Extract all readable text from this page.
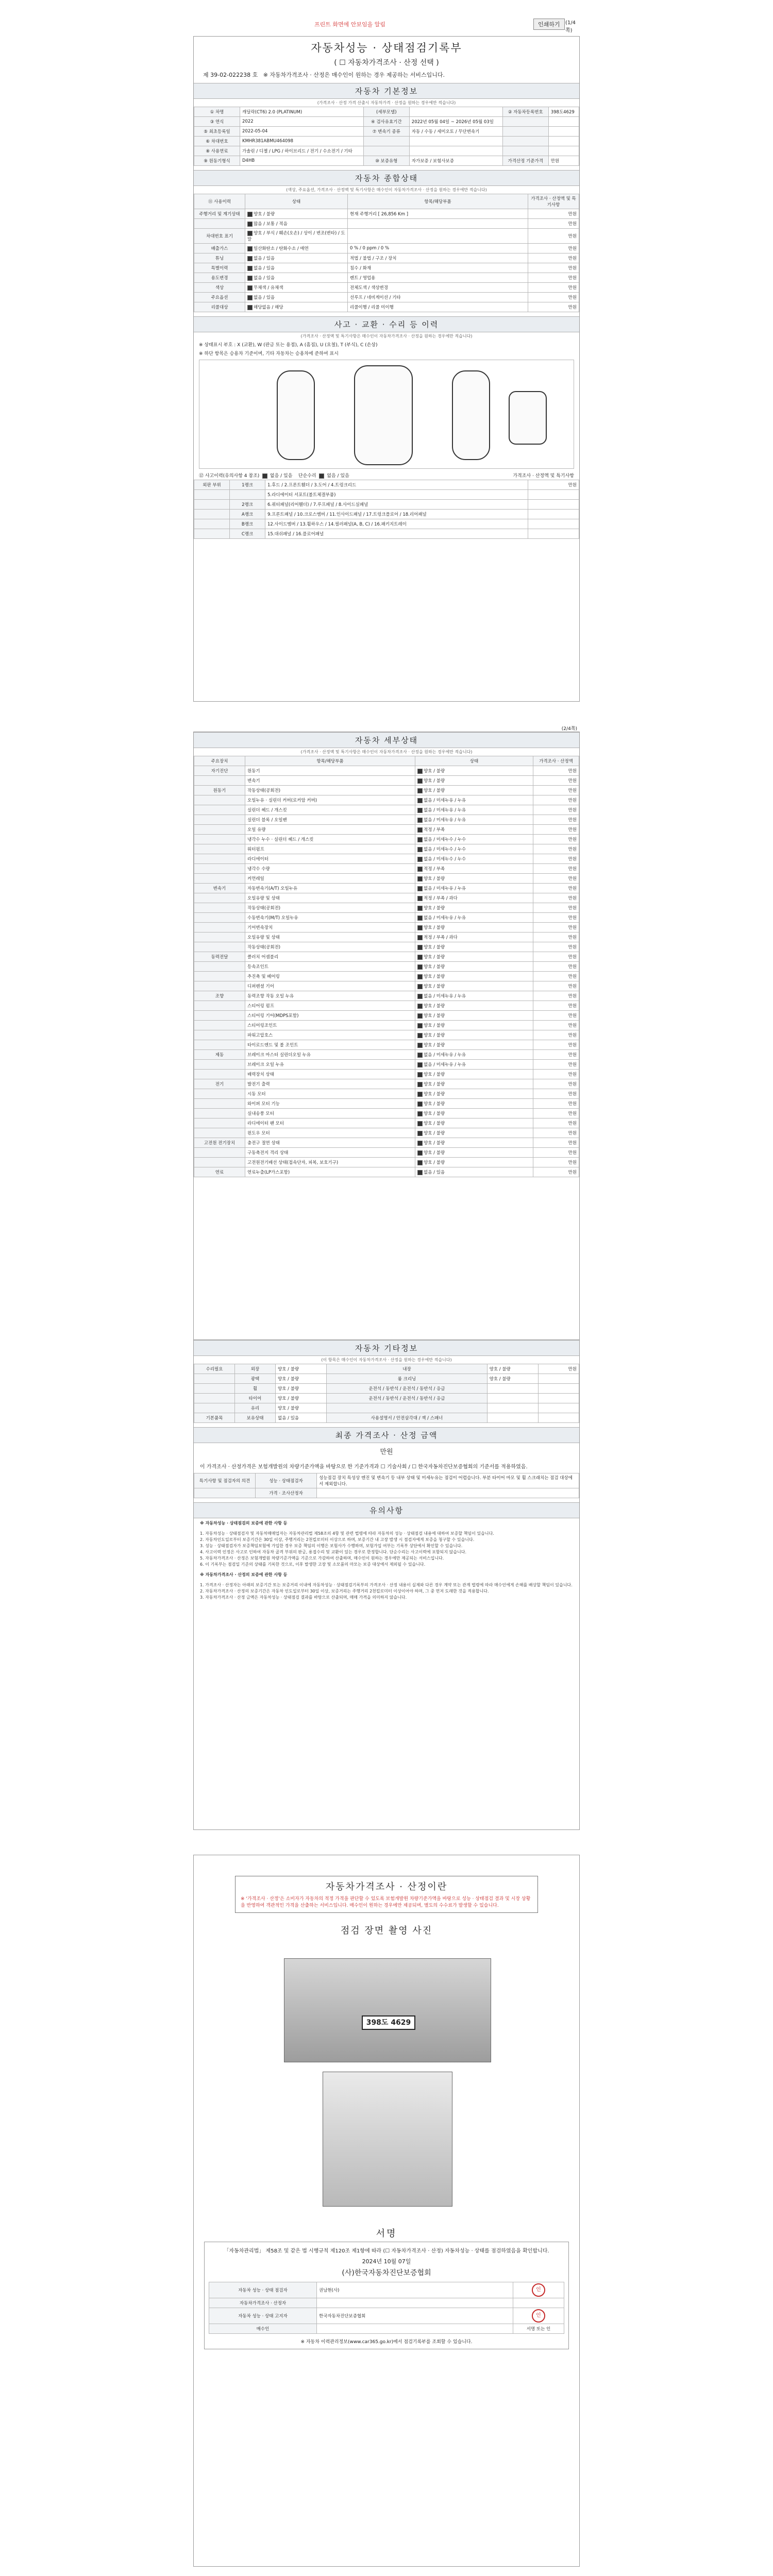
프린트 화면에 안보임을 알림	인쇄하기	(1/4쪽)
자동차성능 · 상태점검기록부
( ☐ 자동차가격조사 · 산정 선택 )
제 39-02-022238 호 ※ 자동차가격조사 · 산정은 매수인이 원하는 경우 제공하는 서비스입니다.
자동차 기본정보
(가격조사 · 산정 가격 산출시 자동차가격 · 산정을 원하는 경우에만 적습니다)
① 차명	캐딜락(CT6) 2.0 (PLATINUM)	(세부모델)		② 자동차등록번호	398도4629
③ 연식	2022	④ 검사유효기간	2022년 05월 04일 ~ 2026년 05월 03일		
⑤ 최초등록일	2022-05-04	⑦ 변속기 종류	자동 / 수동 / 세미오토 / 무단변속기		
⑥ 차대번호	KMHR381ABMU464098				
⑧ 사용연료	가솔린 / 디젤 / LPG / 하이브리드 / 전기 / 수소전기 / 기타				
⑨ 원동기형식	D4HB	⑩ 보증유형	자가보증 / 보험사보증	가격산정 기준가격	만원
자동차 종합상태
(색상, 주요옵션, 가격조사 · 산정액 및 특기사항은 매수인이 자동차가격조사 · 산정을 원하는 경우에만 적습니다)
⑪ 사용이력	상태	항목/해당부품	가격조사 · 산정액 및 특기사항
주행거리 및 계기상태	양호 / 불량	현재 주행거리 [ 26,856 Km ]	만원
	많음 / 보통 / 적음		만원
차대번호 표기	양호 / 부식 / 훼손(오손) / 상이 / 변조(변타) / 도말		만원
배출가스	일산화탄소 / 탄화수소 / 매연	0 % / 0 ppm / 0 %	만원
튜닝	없음 / 있음	적법 / 불법 / 구조 / 장치	만원
특별이력	없음 / 있음	침수 / 화재	만원
용도변경	없음 / 있음	렌트 / 영업용	만원
색상	무채색 / 유채색	전체도색 / 색상변경	만원
주요옵션	없음 / 있음	선루프 / 네비게이션 / 기타	만원
리콜대상	해당없음 / 해당	리콜이행 / 리콜 미이행	만원
사고 · 교환 · 수리 등 이력
(가격조사 · 산정액 및 특기사항은 매수인이 자동차가격조사 · 산정을 원하는 경우에만 적습니다)
※ 상태표시 부호 : X (교환), W (판금 또는 용접), A (흠집), U (요철), T (부식), C (손상)
※ 하단 항목은 승용차 기준이며, 기타 자동차는 승용차에 준하여 표시
⑫ 사고이력(유의사항 4 참조) 없음 / 있음 단순수리 없음 / 있음	가격조사 · 산정액 및 특기사항
외판 부위	1랭크	1.후드 / 2.프론트휀더 / 3.도어 / 4.트렁크리드	만원
		5.라디에이터 서포트(볼트체결부품)	
	2랭크	6.쿼터패널(리어휀더) / 7.루프패널 / 8.사이드실패널	
	A랭크	9.프론트패널 / 10.크로스멤버 / 11.인사이드패널 / 17.트렁크플로어 / 18.리어패널	
	B랭크	12.사이드멤버 / 13.휠하우스 / 14.필러패널(A, B, C) / 16.패키지트레이	
	C랭크	15.대쉬패널 / 16.플로어패널	
(2/4쪽)
자동차 세부상태
(가격조사 · 산정액 및 특기사항은 매수인이 자동차가격조사 · 산정을 원하는 경우에만 적습니다)
주요장치	항목/해당부품	상태	가격조사 · 산정액
자기진단	원동기	양호 / 불량	만원
	변속기	양호 / 불량	만원
원동기	작동상태(공회전)	양호 / 불량	만원
	오일누유 · 실린더 커버(로커암 커버)	없음 / 미세누유 / 누유	만원
	실린더 헤드 / 개스킷	없음 / 미세누유 / 누유	만원
	실린더 블록 / 오일팬	없음 / 미세누유 / 누유	만원
	오일 유량	적정 / 부족	만원
	냉각수 누수 · 실린더 헤드 / 개스킷	없음 / 미세누수 / 누수	만원
	워터펌프	없음 / 미세누수 / 누수	만원
	라디에이터	없음 / 미세누수 / 누수	만원
	냉각수 수량	적정 / 부족	만원
	커먼레일	양호 / 불량	만원
변속기	자동변속기(A/T) 오일누유	없음 / 미세누유 / 누유	만원
	오일유량 및 상태	적정 / 부족 / 과다	만원
	작동상태(공회전)	양호 / 불량	만원
	수동변속기(M/T) 오일누유	없음 / 미세누유 / 누유	만원
	기어변속장치	양호 / 불량	만원
	오일유량 및 상태	적정 / 부족 / 과다	만원
	작동상태(공회전)	양호 / 불량	만원
동력전달	클러치 어셈블리	양호 / 불량	만원
	등속조인트	양호 / 불량	만원
	추진축 및 베어링	양호 / 불량	만원
	디퍼렌셜 기어	양호 / 불량	만원
조향	동력조향 작동 오일 누유	없음 / 미세누유 / 누유	만원
	스티어링 펌프	양호 / 불량	만원
	스티어링 기어(MDPS포함)	양호 / 불량	만원
	스티어링조인트	양호 / 불량	만원
	파워고압호스	양호 / 불량	만원
	타이로드엔드 및 볼 조인트	양호 / 불량	만원
제동	브레이크 마스터 실린더오일 누유	없음 / 미세누유 / 누유	만원
	브레이크 오일 누유	없음 / 미세누유 / 누유	만원
	배력장치 상태	양호 / 불량	만원
전기	발전기 출력	양호 / 불량	만원
	시동 모터	양호 / 불량	만원
	와이퍼 모터 기능	양호 / 불량	만원
	실내송풍 모터	양호 / 불량	만원
	라디에이터 팬 모터	양호 / 불량	만원
	윈도우 모터	양호 / 불량	만원
고전원 전기장치	충전구 절연 상태	양호 / 불량	만원
	구동축전지 격리 상태	양호 / 불량	만원
	고전원전기배선 상태(접속단자, 피복, 보호기구)	양호 / 불량	만원
연료	연료누출(LP가스포함)	없음 / 있음	만원
자동차 기타정보
(이 항목은 매수인이 자동차가격조사 · 산정을 원하는 경우에만 적습니다)
수리필요	외장	양호 / 불량	내장	양호 / 불량	만원
	광택	양호 / 불량	룸 크리닝	양호 / 불량	
	휠	양호 / 불량	운전석 / 동반석 / 운전석 / 동반석 / 응급		
	타이어	양호 / 불량	운전석 / 동반석 / 운전석 / 동반석 / 응급		
	유리	양호 / 불량			
기본품목	보유상태	없음 / 있음	사용설명서 / 안전삼각대 / 잭 / 스패너		
최종 가격조사 · 산정 금액
만원
이 가격조사 · 산정가격은 보험개발원의 차량기준가액을 바탕으로 한 기준가격과 ☐ 기술사회 / ☐ 한국자동차진단보증협회의 기준서를 적용하였음.
특기사항 및 점검자의 의견	성능 · 상태점검자	성능점검 장치 특성상 엔진 및 변속기 등 내부 상태 및 미세누유는 점검이 어렵습니다. 부분 타이어 마모 및 휠 스크래치는 점검 대상에서 제외합니다.
	가격 · 조사산정자	
유의사항
※ 자동차성능 · 상태점검의 보증에 관한 사항 등
1. 자동차성능 · 상태점검자 및 자동차매매업자는 자동차관리법 제58조의 4항 및 관련 법령에 따라 자동차의 성능 · 상태점검 내용에 대하여 보증할 책임이 있습니다.
2. 자동차인도일로부터 보증기간은 30일 이상, 주행거리는 2천킬로미터 이상으로 하며, 보증기간 내 고장 발생 시 점검자에게 보증을 청구할 수 있습니다.
3. 성능 · 상태점검자가 보증책임보험에 가입한 경우 보증 책임의 이행은 보험사가 수행하며, 보험가입 여부는 기록부 상단에서 확인할 수 있습니다.
4. 사고이력 인정은 사고로 인하여 자동차 골격 부위의 판금, 용접수리 및 교환이 있는 경우로 한정합니다. 단순수리는 사고이력에 포함되지 않습니다.
5. 자동차가격조사 · 산정은 보험개발원 차량기준가액을 기준으로 가감하여 산출하며, 매수인이 원하는 경우에만 제공되는 서비스입니다.
6. 이 기록부는 점검일 기준의 상태를 기록한 것으로, 이후 발생한 고장 및 소모품의 마모는 보증 대상에서 제외될 수 있습니다.
※ 자동차가격조사 · 산정의 보증에 관한 사항 등
1. 가격조사 · 산정자는 아래의 보증기간 또는 보증거리 이내에 자동차성능 · 상태점검기록부의 가격조사 · 산정 내용이 실제와 다른 경우 계약 또는 관계 법령에 따라 매수인에게 손해를 배상할 책임이 있습니다.
2. 자동차가격조사 · 산정의 보증기간은 자동차 인도일로부터 30일 이상, 보증거리는 주행거리 2천킬로미터 이상이어야 하며, 그 중 먼저 도래한 것을 적용합니다.
3. 자동차가격조사 · 산정 금액은 자동차성능 · 상태점검 결과를 바탕으로 산출되며, 매매 가격을 의미하지 않습니다.
자동차가격조사 · 산정이란
※ '가격조사 · 산정'은 소비자가 자동차의 적정 가격을 판단할 수 있도록 보험개발원 차량기준가액을 바탕으로 성능 · 상태점검 결과 및 시장 상황을 반영하여 객관적인 가격을 산출하는 서비스입니다. 매수인이 원하는 경우에만 제공되며, 별도의 수수료가 발생할 수 있습니다.
점검 장면 촬영 사진
398도 4629
서명
「자동차관리법」 제58조 및 같은 법 시행규칙 제120조 제1항에 따라 (☐ 자동차가격조사 · 산정) 자동차성능 · 상태를 점검하였음을 확인합니다.
2024년 10월 07일
(사)한국자동차진단보증협회
자동차 성능 · 상태 점검자	권남현(사)	인
자동차가격조사 · 산정자		
자동차 성능 · 상태 고지자	한국자동차진단보증협회	인
매수인		서명 또는 인
※ 자동차 이력관리정보(www.car365.go.kr)에서 점검기록부를 조회할 수 있습니다.
